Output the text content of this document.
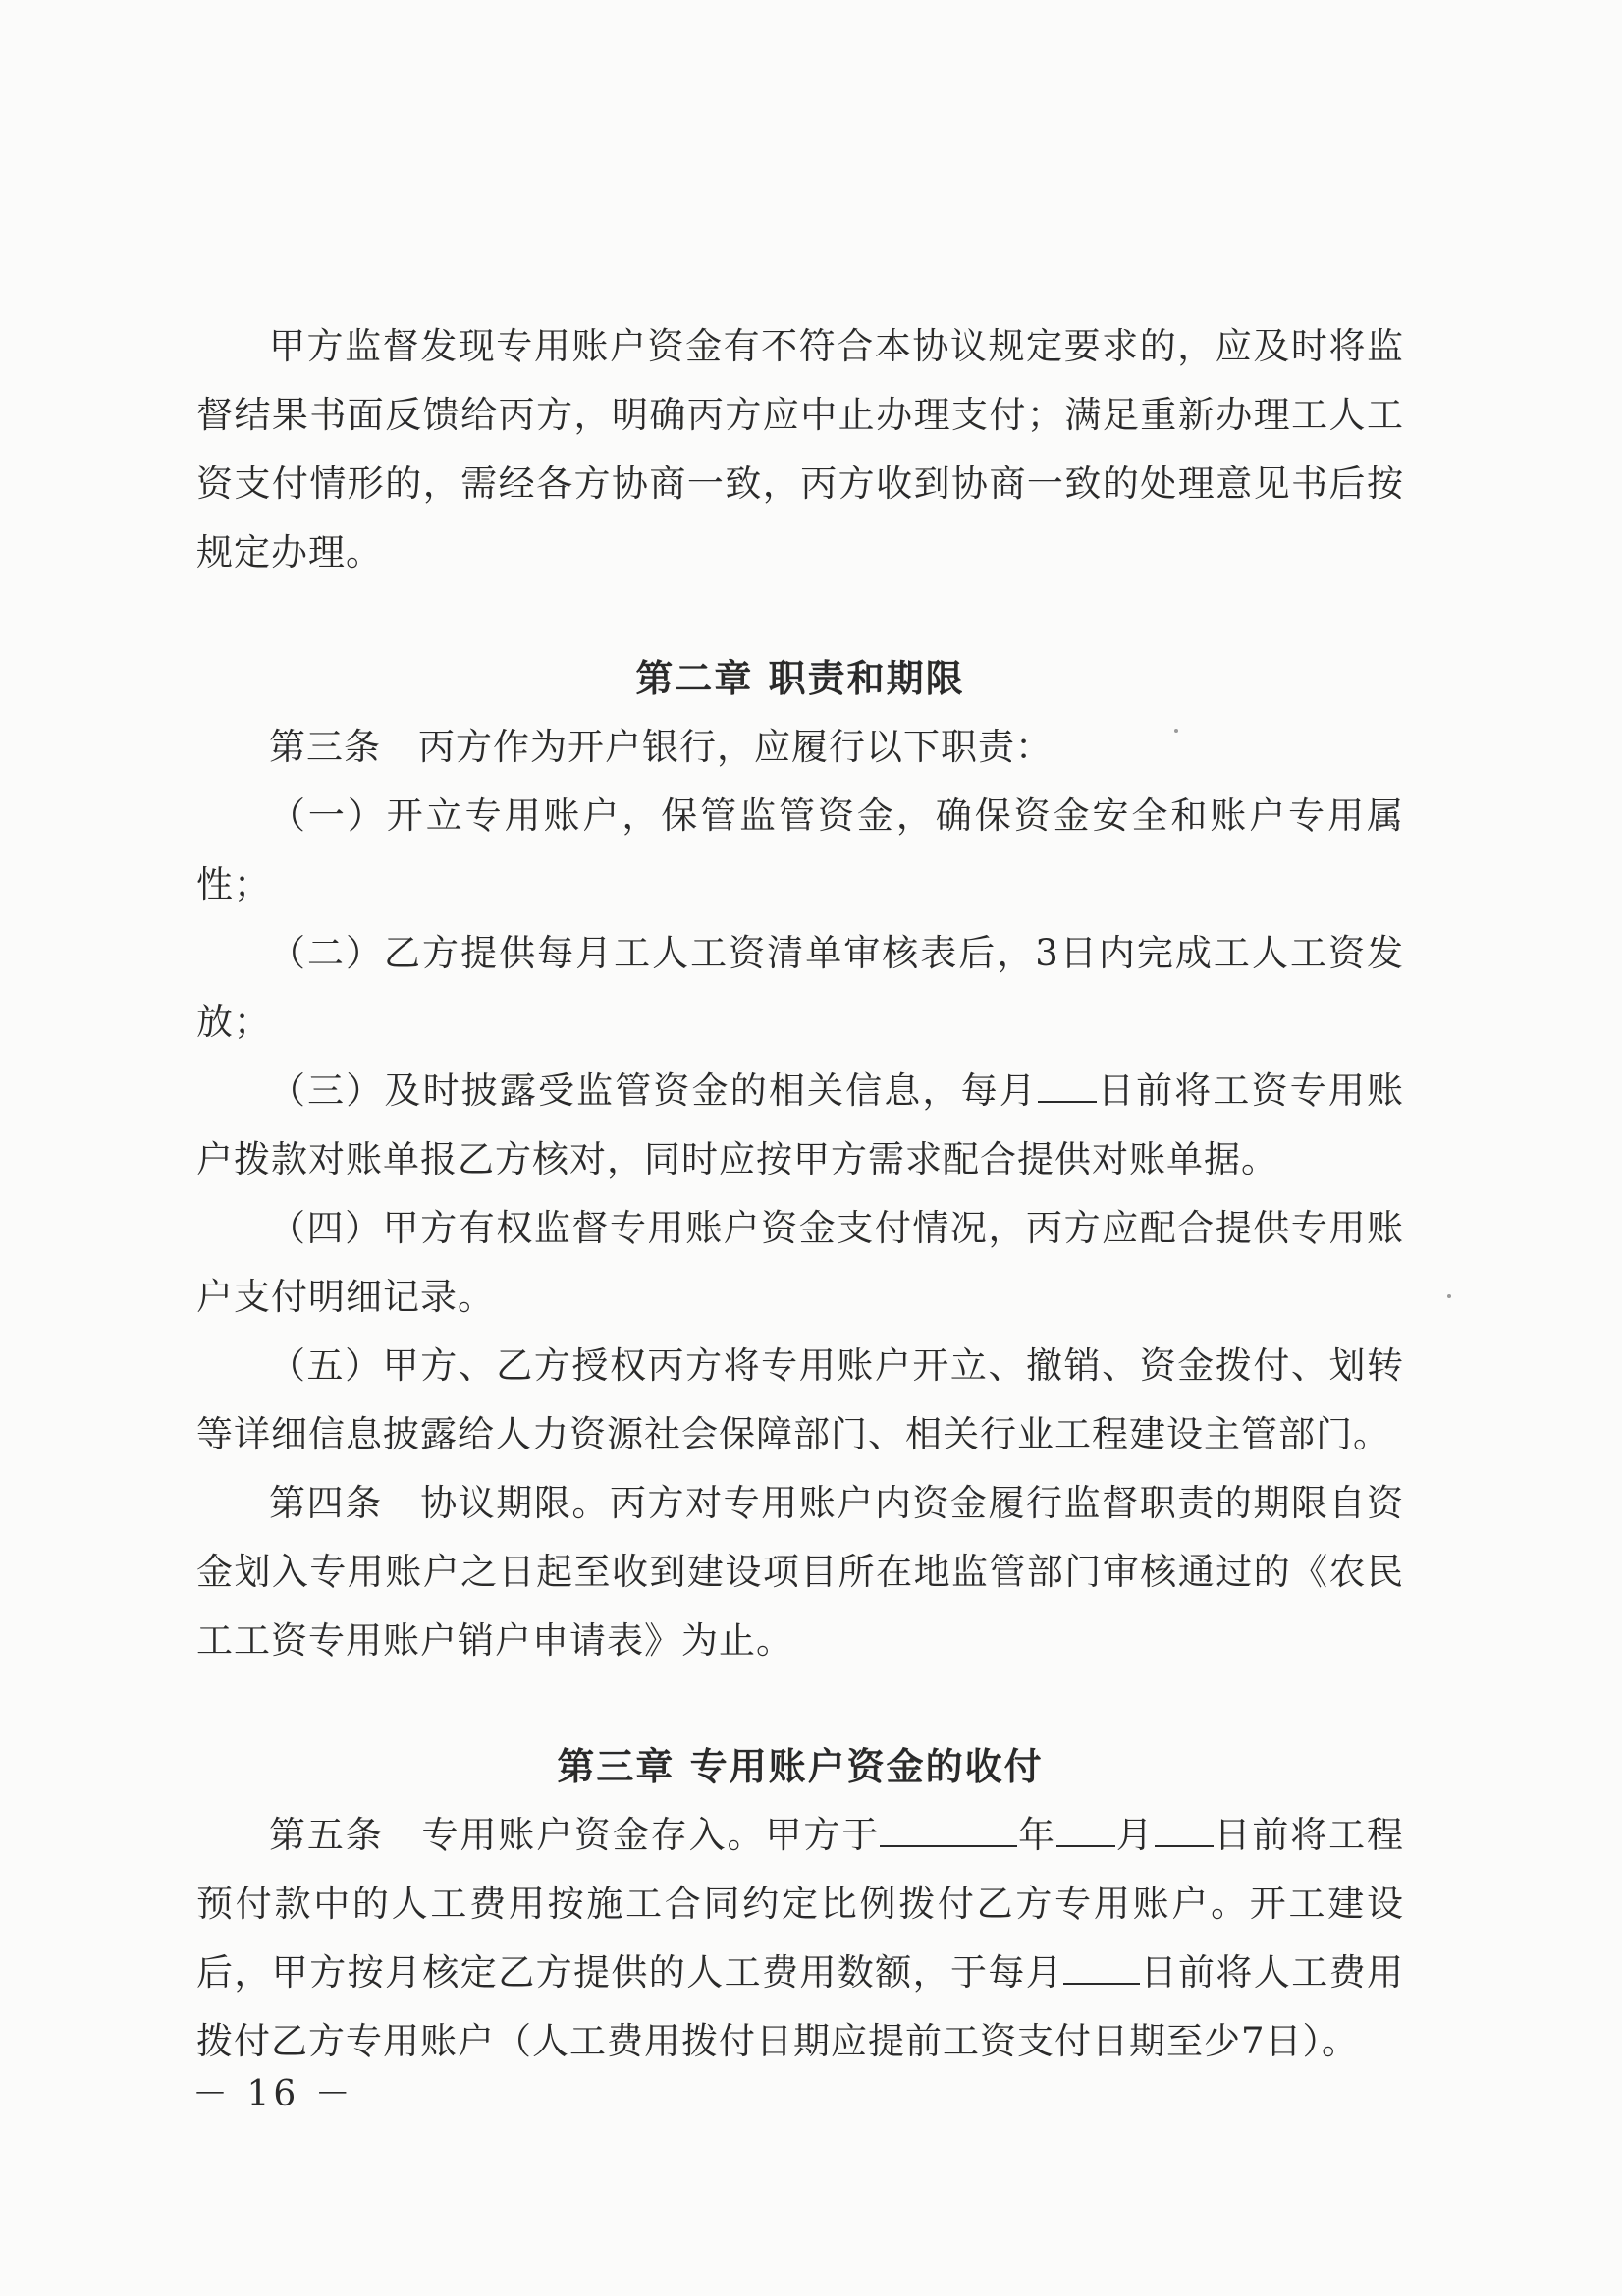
甲方监督发现专用账户资金有不符合本协议规定要求的，应及时将监督结果书面反馈给丙方，明确丙方应中止办理支付；满足重新办理工人工资支付情形的，需经各方协商一致，丙方收到协商一致的处理意见书后按规定办理。

第二章 职责和期限

第三条　丙方作为开户银行，应履行以下职责：

（一）开立专用账户，保管监管资金，确保资金安全和账户专用属性；

（二）乙方提供每月工人工资清单审核表后，3日内完成工人工资发放；

（三）及时披露受监管资金的相关信息，每月 日前将工资专用账户拨款对账单报乙方核对，同时应按甲方需求配合提供对账单据。

（四）甲方有权监督专用账户资金支付情况，丙方应配合提供专用账户支付明细记录。

（五）甲方、乙方授权丙方将专用账户开立、撤销、资金拨付、划转等详细信息披露给人力资源社会保障部门、相关行业工程建设主管部门。

第四条　协议期限。丙方对专用账户内资金履行监督职责的期限自资金划入专用账户之日起至收到建设项目所在地监管部门审核通过的《农民工工资专用账户销户申请表》为止。

第三章 专用账户资金的收付

第五条　专用账户资金存入。甲方于	年 月 日前将工程预付款中的人工费用按施工合同约定比例拨付乙方专用账户。开工建设后，甲方按月核定乙方提供的人工费用数额，于每月 日前将人工费用拨付乙方专用账户（人工费用拨付日期应提前工资支付日期至少7日）。

－ 16 －
